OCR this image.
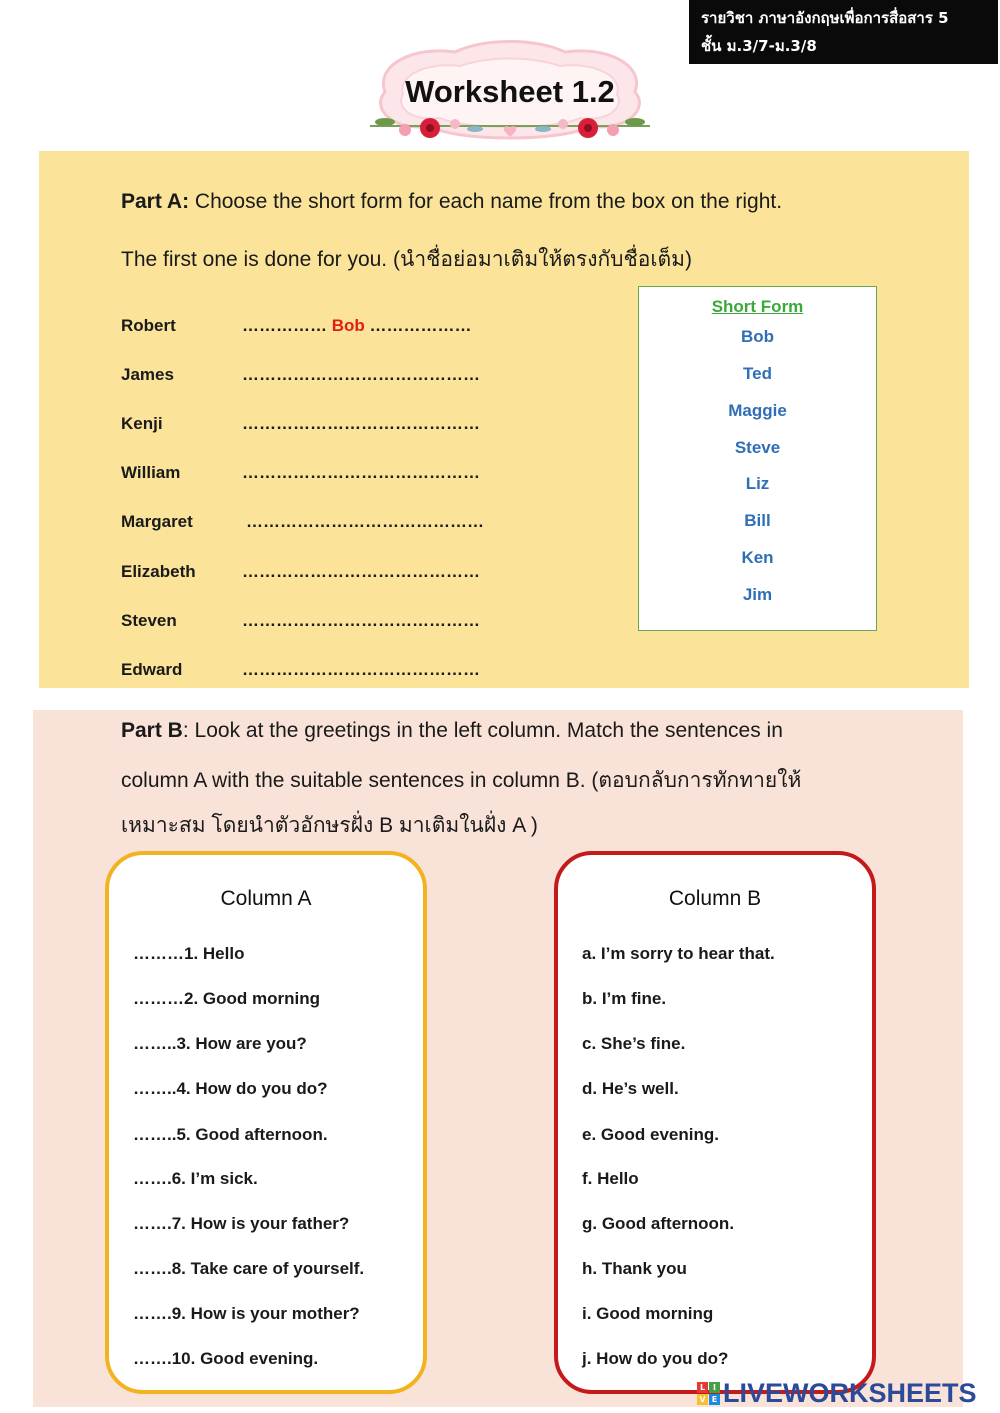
รายวิชา ภาษาอังกฤษเพื่อการสื่อสาร 5
ชั้น ม.3/7-ม.3/8
Worksheet 1.2
Part A: Choose the short form for each name from the box on the right.
The first one is done for you. (นำชื่อย่อมาเติมให้ตรงกับชื่อเต็ม)
Robert	…………… Bob ………………
James	……………………………………
Kenji	……………………………………
William	……………………………………
Margaret	……………………………………
Elizabeth	……………………………………
Steven	……………………………………
Edward	……………………………………
Short Form
Bob
Ted
Maggie
Steve
Liz
Bill
Ken
Jim
Part B: Look at the greetings in the left column. Match the sentences in
column A with the suitable sentences in column B. (ตอบกลับการทักทายให้
เหมาะสม โดยนำตัวอักษรฝั่ง B มาเติมในฝั่ง A )
Column A
………1. Hello
………2. Good morning
……..3. How are you?
……..4. How do you do?
……..5. Good afternoon.
…….6. I’m sick.
…….7. How is your father?
…….8. Take care of yourself.
…….9. How is your mother?
…….10. Good evening.
Column B
a. I’m sorry to hear that.
b. I’m fine.
c. She’s fine.
d. He’s well.
e. Good evening.
f. Hello
g. Good afternoon.
h. Thank you
i. Good morning
j. How do you do?
L I
V E LIVEWORKSHEETS
